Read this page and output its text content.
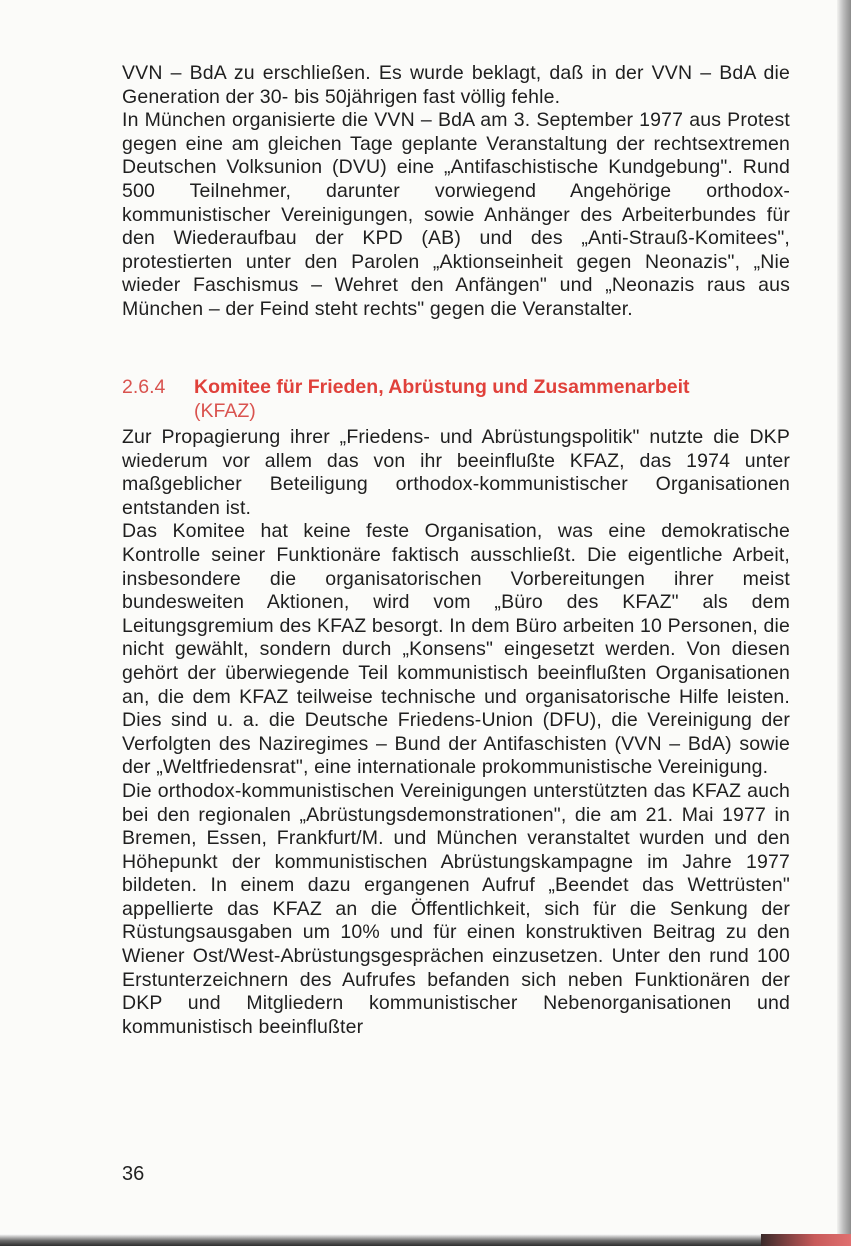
VVN – BdA zu erschließen. Es wurde beklagt, daß in der VVN – BdA die Generation der 30- bis 50jährigen fast völlig fehle.

In München organisierte die VVN – BdA am 3. September 1977 aus Protest gegen eine am gleichen Tage geplante Veranstaltung der rechtsextremen Deutschen Volksunion (DVU) eine „Antifaschistische Kundgebung". Rund 500 Teilnehmer, darunter vorwiegend Angehörige orthodox-kommunistischer Vereinigungen, sowie Anhänger des Arbeiterbundes für den Wiederaufbau der KPD (AB) und des „Anti-Strauß-Komitees", protestierten unter den Parolen „Aktionseinheit gegen Neonazis", „Nie wieder Faschismus – Wehret den Anfängen" und „Neonazis raus aus München – der Feind steht rechts" gegen die Veranstalter.

2.6.4 Komitee für Frieden, Abrüstung und Zusammenarbeit (KFAZ)

Zur Propagierung ihrer „Friedens- und Abrüstungspolitik" nutzte die DKP wiederum vor allem das von ihr beeinflußte KFAZ, das 1974 unter maßgeblicher Beteiligung orthodox-kommunistischer Organisationen entstanden ist.

Das Komitee hat keine feste Organisation, was eine demokratische Kontrolle seiner Funktionäre faktisch ausschließt. Die eigentliche Arbeit, insbesondere die organisatorischen Vorbereitungen ihrer meist bundesweiten Aktionen, wird vom „Büro des KFAZ" als dem Leitungsgremium des KFAZ besorgt. In dem Büro arbeiten 10 Personen, die nicht gewählt, sondern durch „Konsens" eingesetzt werden. Von diesen gehört der überwiegende Teil kommunistisch beeinflußten Organisationen an, die dem KFAZ teilweise technische und organisatorische Hilfe leisten. Dies sind u. a. die Deutsche Friedens-Union (DFU), die Vereinigung der Verfolgten des Naziregimes – Bund der Antifaschisten (VVN – BdA) sowie der „Weltfriedensrat", eine internationale prokommunistische Vereinigung.

Die orthodox-kommunistischen Vereinigungen unterstützten das KFAZ auch bei den regionalen „Abrüstungsdemonstrationen", die am 21. Mai 1977 in Bremen, Essen, Frankfurt/M. und München veranstaltet wurden und den Höhepunkt der kommunistischen Abrüstungskampagne im Jahre 1977 bildeten. In einem dazu ergangenen Aufruf „Beendet das Wettrüsten" appellierte das KFAZ an die Öffentlichkeit, sich für die Senkung der Rüstungsausgaben um 10% und für einen konstruktiven Beitrag zu den Wiener Ost/West-Abrüstungsgesprächen einzusetzen. Unter den rund 100 Erstunterzeichnern des Aufrufes befanden sich neben Funktionären der DKP und Mitgliedern kommunistischer Nebenorganisationen und kommunistisch beeinflußter

36
